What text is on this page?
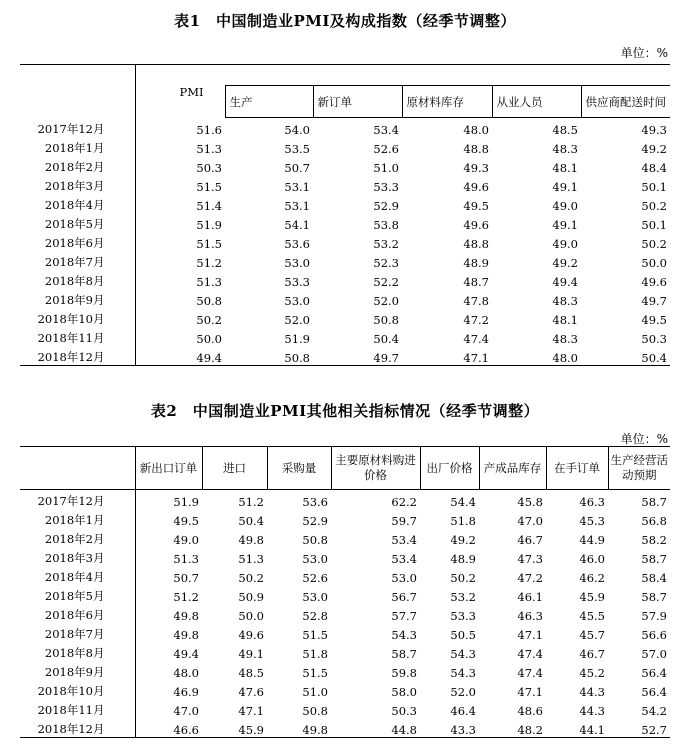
表1　中国制造业PMI及构成指数（经季节调整）
单位：%
	PMI					
		生产	新订单	原材料库存	从业人员	供应商配送时间
2017年12月	51.6	54.0	53.4	48.0	48.5	49.3
2018年1月	51.3	53.5	52.6	48.8	48.3	49.2
2018年2月	50.3	50.7	51.0	49.3	48.1	48.4
2018年3月	51.5	53.1	53.3	49.6	49.1	50.1
2018年4月	51.4	53.1	52.9	49.5	49.0	50.2
2018年5月	51.9	54.1	53.8	49.6	49.1	50.1
2018年6月	51.5	53.6	53.2	48.8	49.0	50.2
2018年7月	51.2	53.0	52.3	48.9	49.2	50.0
2018年8月	51.3	53.3	52.2	48.7	49.4	49.6
2018年9月	50.8	53.0	52.0	47.8	48.3	49.7
2018年10月	50.2	52.0	50.8	47.2	48.1	49.5
2018年11月	50.0	51.9	50.4	47.4	48.3	50.3
2018年12月	49.4	50.8	49.7	47.1	48.0	50.4
表2　中国制造业PMI其他相关指标情况（经季节调整）
单位：%
	新出口订单	进口	采购量	主要原材料购进价格	出厂价格	产成品库存	在手订单	生产经营活动预期
2017年12月	51.9	51.2	53.6	62.2	54.4	45.8	46.3	58.7
2018年1月	49.5	50.4	52.9	59.7	51.8	47.0	45.3	56.8
2018年2月	49.0	49.8	50.8	53.4	49.2	46.7	44.9	58.2
2018年3月	51.3	51.3	53.0	53.4	48.9	47.3	46.0	58.7
2018年4月	50.7	50.2	52.6	53.0	50.2	47.2	46.2	58.4
2018年5月	51.2	50.9	53.0	56.7	53.2	46.1	45.9	58.7
2018年6月	49.8	50.0	52.8	57.7	53.3	46.3	45.5	57.9
2018年7月	49.8	49.6	51.5	54.3	50.5	47.1	45.7	56.6
2018年8月	49.4	49.1	51.8	58.7	54.3	47.4	46.7	57.0
2018年9月	48.0	48.5	51.5	59.8	54.3	47.4	45.2	56.4
2018年10月	46.9	47.6	51.0	58.0	52.0	47.1	44.3	56.4
2018年11月	47.0	47.1	50.8	50.3	46.4	48.6	44.3	54.2
2018年12月	46.6	45.9	49.8	44.8	43.3	48.2	44.1	52.7
